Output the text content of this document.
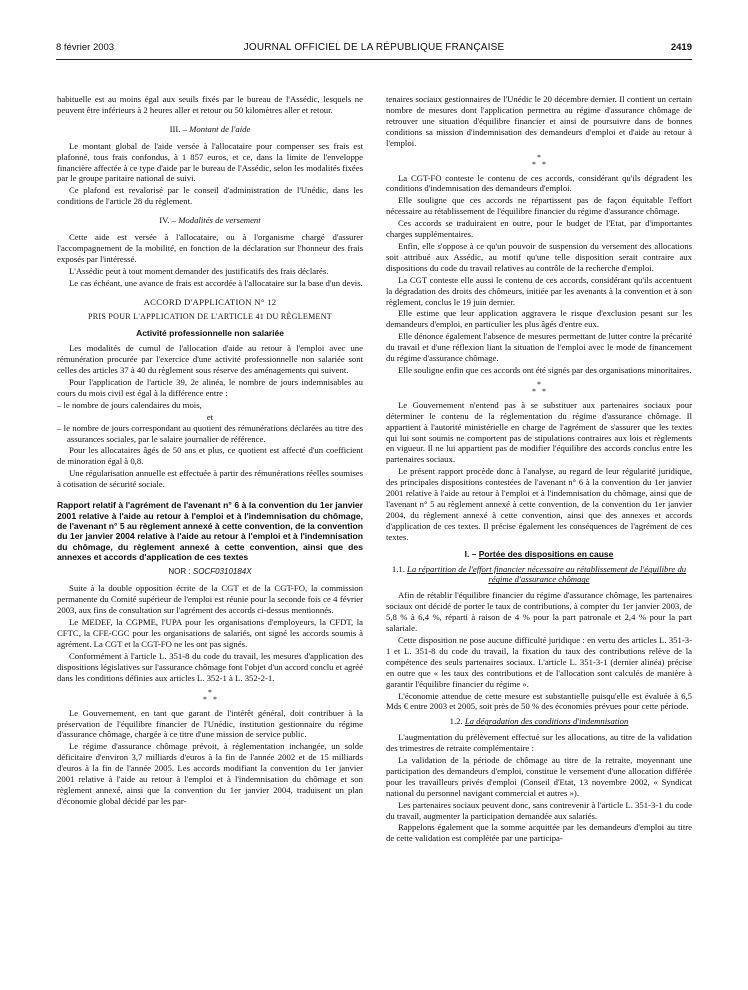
8 février 2003	JOURNAL OFFICIEL DE LA RÉPUBLIQUE FRANÇAISE	2419

habituelle est au moins égal aux seuils fixés par le bureau de l'Assédic, lesquels ne peuvent être inférieurs à 2 heures aller et retour ou 50 kilomètres aller et retour.

III. – Montant de l'aide

Le montant global de l'aide versée à l'allocataire pour compenser ses frais est plafonné, tous frais confondus, à 1 857 euros, et ce, dans la limite de l'enveloppe financière affectée à ce type d'aide par le bureau de l'Assédic, selon les modalités fixées par le groupe paritaire national de suivi.

Ce plafond est revalorisé par le conseil d'administration de l'Unédic, dans les conditions de l'article 28 du règlement.

IV. – Modalités de versement

Cette aide est versée à l'allocataire, ou à l'organisme chargé d'assurer l'accompagnement de la mobilité, en fonction de la déclaration sur l'honneur des frais exposés par l'intéressé.

L'Assédic peut à tout moment demander des justificatifs des frais déclarés.

Le cas échéant, une avance de frais est accordée à l'allocataire sur la base d'un devis.

ACCORD D'APPLICATION N° 12
PRIS POUR L'APPLICATION DE L'ARTICLE 41 DU RÈGLEMENT
Activité professionnelle non salariée

Les modalités de cumul de l'allocation d'aide au retour à l'emploi avec une rémunération procurée par l'exercice d'une activité professionnelle non salariée sont celles des articles 37 à 40 du règlement sous réserve des aménagements qui suivent.

Pour l'application de l'article 39, 2e alinéa, le nombre de jours indemnisables au cours du mois civil est égal à la différence entre :

– le nombre de jours calendaires du mois,
et
– le nombre de jours correspondant au quotient des rémunérations déclarées au titre des assurances sociales, par le salaire journalier de référence.

Pour les allocataires âgés de 50 ans et plus, ce quotient est affecté d'un coefficient de minoration égal à 0,8.

Une régularisation annuelle est effectuée à partir des rémunérations réelles soumises à cotisation de sécurité sociale.

Rapport relatif à l'agrément de l'avenant n° 6 à la convention du 1er janvier 2001 relative à l'aide au retour à l'emploi et à l'indemnisation du chômage, de l'avenant n° 5 au règlement annexé à cette convention, de la convention du 1er janvier 2004 relative à l'aide au retour à l'emploi et à l'indemnisation du chômage, du règlement annexé à cette convention, ainsi que des annexes et accords d'application de ces textes
NOR : SOCF0310184X

Suite à la double opposition écrite de la CGT et de la CGT-FO, la commission permanente du Comité supérieur de l'emploi est réunie pour la seconde fois ce 4 février 2003, aux fins de consultation sur l'agrément des accords ci-dessus mentionnés.

Le MEDEF, la CGPME, l'UPA pour les organisations d'employeurs, la CFDT, la CFTC, la CFE-CGC pour les organisations de salariés, ont signé les accords soumis à agrément. La CGT et la CGT-FO ne les ont pas signés.

Conformément à l'article L. 351-8 du code du travail, les mesures d'application des dispositions législatives sur l'assurance chômage font l'objet d'un accord conclu et agréé dans les conditions définies aux articles L. 352-1 à L. 352-2-1.

*
* *

Le Gouvernement, en tant que garant de l'intérêt général, doit contribuer à la préservation de l'équilibre financier de l'Unédic, institution gestionnaire du régime d'assurance chômage, chargée à ce titre d'une mission de service public.

Le régime d'assurance chômage prévoit, à réglementation inchangée, un solde déficitaire d'environ 3,7 milliards d'euros à la fin de l'année 2002 et de 15 milliards d'euros à la fin de l'année 2005. Les accords modifiant la convention du 1er janvier 2001 relative à l'aide au retour à l'emploi et à l'indemnisation du chômage et son règlement annexé, ainsi que la convention du 1er janvier 2004, traduisent un plan d'économie global décidé par les par-

tenaires sociaux gestionnaires de l'Unédic le 20 décembre dernier. Il contient un certain nombre de mesures dont l'application permettra au régime d'assurance chômage de retrouver une situation d'équilibre financier et ainsi de poursuivre dans de bonnes conditions sa mission d'indemnisation des demandeurs d'emploi et d'aide au retour à l'emploi.

*
* *

La CGT-FO conteste le contenu de ces accords, considérant qu'ils dégradent les conditions d'indemnisation des demandeurs d'emploi.

Elle souligne que ces accords ne répartissent pas de façon équitable l'effort nécessaire au rétablissement de l'équilibre financier du régime d'assurance chômage.

Ces accords se traduiraient en outre, pour le budget de l'Etat, par d'importantes charges supplémentaires.

Enfin, elle s'oppose à ce qu'un pouvoir de suspension du versement des allocations soit attribué aux Assédic, au motif qu'une telle disposition serait contraire aux dispositions du code du travail relatives au contrôle de la recherche d'emploi.

La CGT conteste elle aussi le contenu de ces accords, considérant qu'ils accentuent la dégradation des droits des chômeurs, initiée par les avenants à la convention et à son règlement, conclus le 19 juin dernier.

Elle estime que leur application aggravera le risque d'exclusion pesant sur les demandeurs d'emploi, en particulier les plus âgés d'entre eux.

Elle dénonce également l'absence de mesures permettant de lutter contre la précarité du travail et d'une réflexion liant la situation de l'emploi avec le mode de financement du régime d'assurance chômage.

Elle souligne enfin que ces accords ont été signés par des organisations minoritaires.

*
* *

Le Gouvernement n'entend pas à se substituer aux partenaires sociaux pour déterminer le contenu de la réglementation du régime d'assurance chômage. Il appartient à l'autorité ministérielle en charge de l'agrément de s'assurer que les textes qui lui sont soumis ne comportent pas de stipulations contraires aux lois et règlements en vigueur. Il ne lui appartient pas de modifier l'équilibre des accords conclus entre les partenaires sociaux.

Le présent rapport procède donc à l'analyse, au regard de leur régularité juridique, des principales dispositions contestées de l'avenant n° 6 à la convention du 1er janvier 2001 relative à l'aide au retour à l'emploi et à l'indemnisation du chômage, ainsi que de l'avenant n° 5 au règlement annexé à cette convention, de la convention du 1er janvier 2004, du règlement annexé à cette convention, ainsi que des annexes et accords d'application de ces textes. Il précise également les conséquences de l'agrément de ces textes.

I. – Portée des dispositions en cause

1.1. La répartition de l'effort financier nécessaire au rétablissement de l'équilibre du régime d'assurance chômage

Afin de rétablir l'équilibre financier du régime d'assurance chômage, les partenaires sociaux ont décidé de porter le taux de contributions, à compter du 1er janvier 2003, de 5,8 % à 6,4 %, réparti à raison de 4 % pour la part patronale et 2,4 % pour la part salariale.

Cette disposition ne pose aucune difficulté juridique : en vertu des articles L. 351-3-1 et L. 351-8 du code du travail, la fixation du taux des contributions relève de la compétence des seuls partenaires sociaux. L'article L. 351-3-1 (dernier alinéa) précise en outre que « les taux des contributions et de l'allocation sont calculés de manière à garantir l'équilibre financier du régime ».

L'économie attendue de cette mesure est substantielle puisqu'elle est évaluée à 6,5 Mds € entre 2003 et 2005, soit près de 50 % des économies prévues pour cette période.

1.2. La dégradation des conditions d'indemnisation

L'augmentation du prélèvement effectué sur les allocations, au titre de la validation des trimestres de retraite complémentaire :

La validation de la période de chômage au titre de la retraite, moyennant une participation des demandeurs d'emploi, constitue le versement d'une allocation différée pour les travailleurs privés d'emploi (Conseil d'Etat, 13 novembre 2002, « Syndicat national du personnel navigant commercial et autres »).

Les partenaires sociaux peuvent donc, sans contrevenir à l'article L. 351-3-1 du code du travail, augmenter la participation demandée aux salariés.

Rappelons également que la somme acquittée par les demandeurs d'emploi au titre de cette validation est complétée par une participa-
